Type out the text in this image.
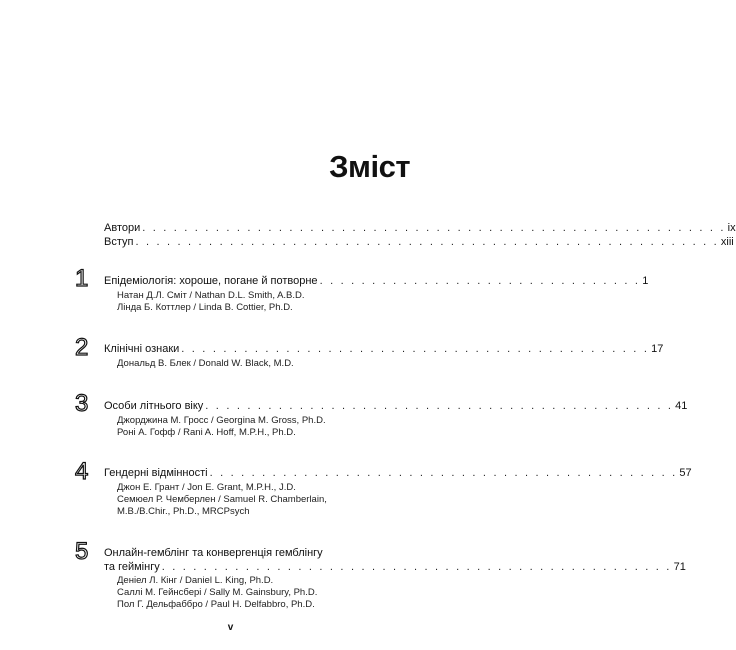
Зміст
Автори . . . . . . . . . . . . . . . . . . . . . . . . . . . . . . . . . . . . . . . . . . . . . . . . . . . . . . . . ix
Вступ . . . . . . . . . . . . . . . . . . . . . . . . . . . . . . . . . . . . . . . . . . . . . . . . . . . . . . . . xiii
1 Епідеміологія: хороше, погане й потворне . . . . . . . . . . . . . . . . . . . . . . . . . . . . . . . 1
Натан Д.Л. Сміт / Nathan D.L. Smith, A.B.D.
Лінда Б. Коттлер / Linda B. Cottier, Ph.D.
2 Клінічні ознаки . . . . . . . . . . . . . . . . . . . . . . . . . . . . . . . . . . . . . . . . . . . . . 17
Дональд В. Блек / Donald W. Black, M.D.
3 Особи літнього віку . . . . . . . . . . . . . . . . . . . . . . . . . . . . . . . . . . . . . . . . . . . . . 41
Джорджина М. Гросс / Georgina M. Gross, Ph.D.
Роні А. Гофф / Rani A. Hoff, M.P.H., Ph.D.
4 Гендерні відмінності . . . . . . . . . . . . . . . . . . . . . . . . . . . . . . . . . . . . . . . . . . . . . 57
Джон Е. Грант / Jon E. Grant, M.P.H., J.D.
Семюел Р. Чемберлен / Samuel R. Chamberlain,
M.B./B.Chir., Ph.D., MRCPsych
5 Онлайн-гемблінг та конвергенція гемблінгу
та геймінгу . . . . . . . . . . . . . . . . . . . . . . . . . . . . . . . . . . . . . . . . . . . . . . . . . 71
Деніел Л. Кінг / Daniel L. King, Ph.D.
Саллі М. Гейнсбері / Sally M. Gainsbury, Ph.D.
Пол Г. Дельфаббро / Paul H. Delfabbro, Ph.D.
v
